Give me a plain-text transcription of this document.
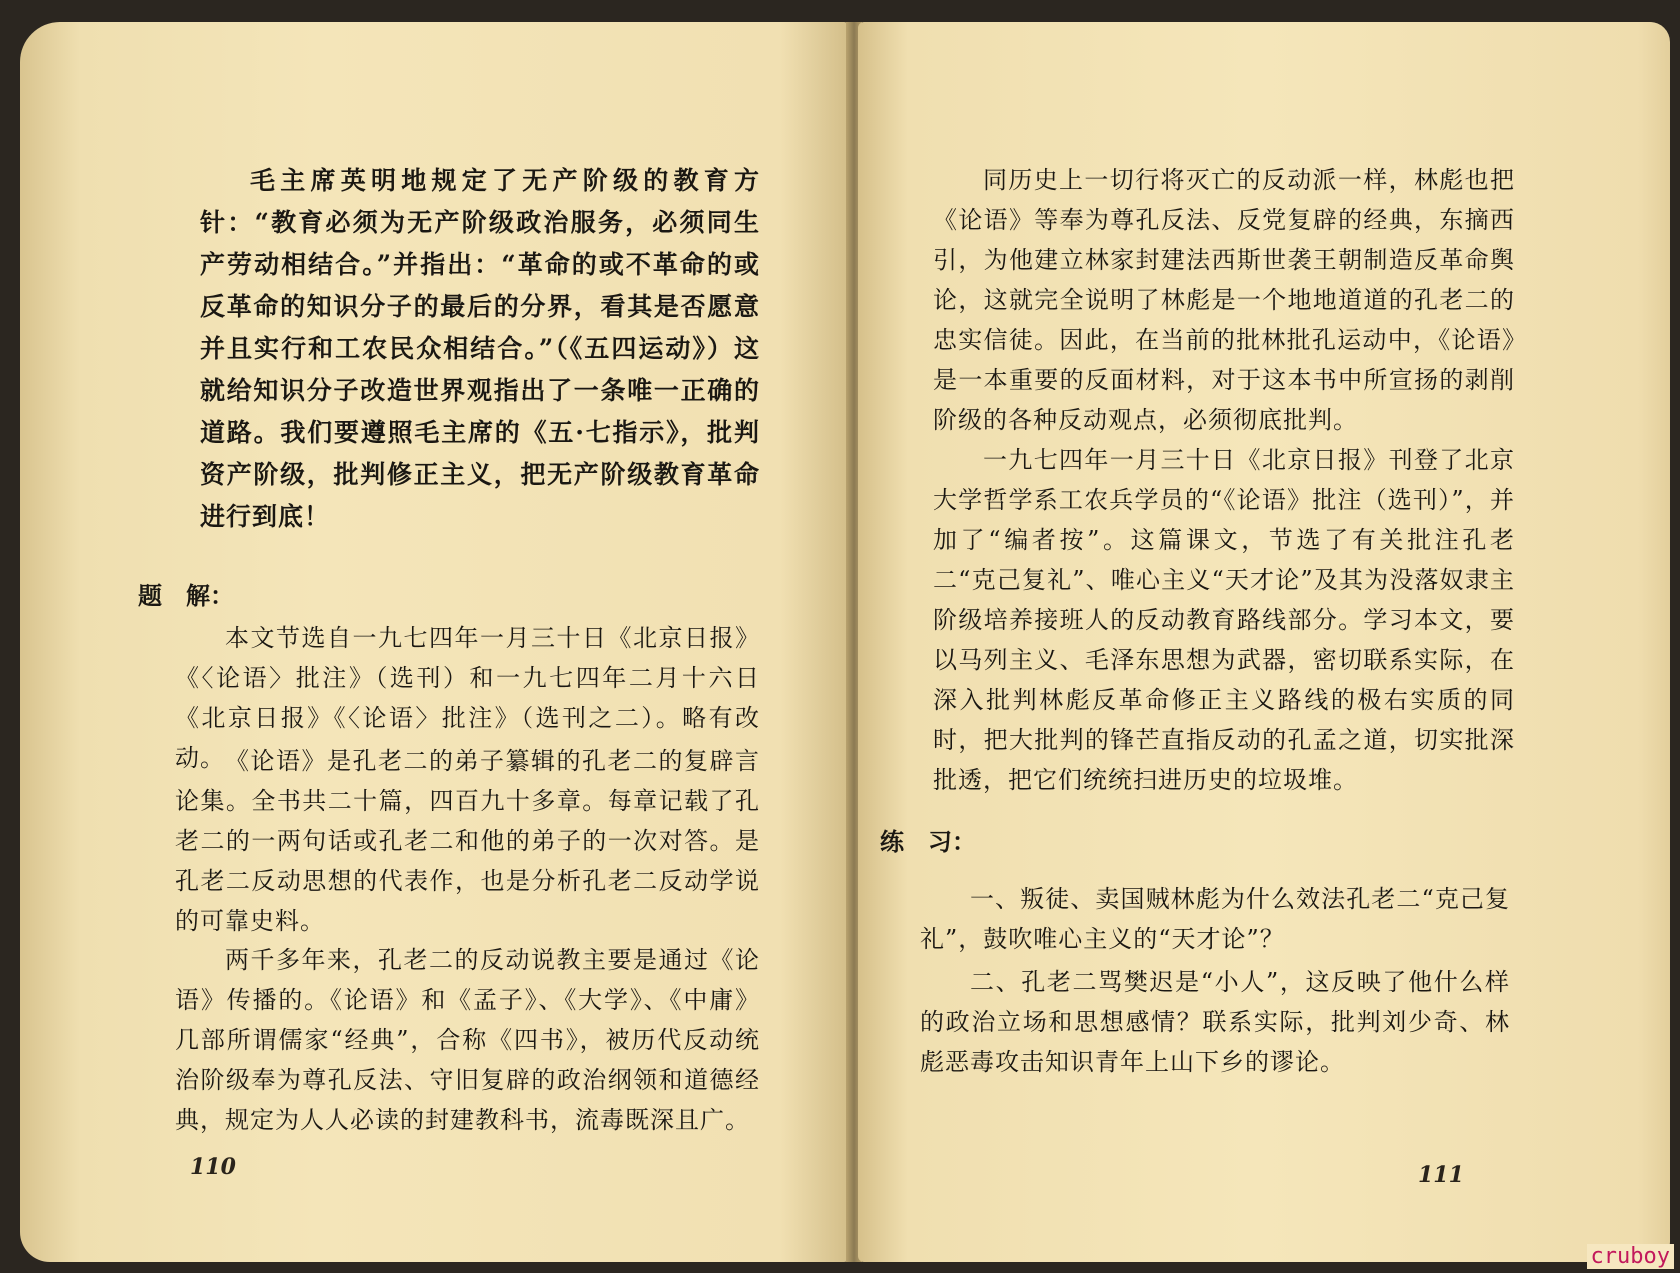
毛主席英明地规定了无产阶级的教育方针：“教育必须为无产阶级政治服务，必须同生产劳动相结合。”并指出：“革命的或不革命的或反革命的知识分子的最后的分界，看其是否愿意并且实行和工农民众相结合。”（《五四运动》）这就给知识分子改造世界观指出了一条唯一正确的道路。我们要遵照毛主席的《五·七指示》，批判资产阶级，批判修正主义，把无产阶级教育革命进行到底！

题　解：

本文节选自一九七四年一月三十日《北京日报》《〈论语〉批注》（选刊）和一九七四年二月十六日《北京日报》《〈论语〉批注》（选刊之二）。略有改动。 《论语》是孔老二的弟子纂辑的孔老二的复辟言论集。全书共二十篇，四百九十多章。每章记载了孔老二的一两句话或孔老二和他的弟子的一次对答。是孔老二反动思想的代表作，也是分析孔老二反动学说的可靠史料。

两千多年来，孔老二的反动说教主要是通过《论语》传播的。《论语》和《孟子》、《大学》、《中庸》几部所谓儒家“经典”，合称《四书》，被历代反动统治阶级奉为尊孔反法、守旧复辟的政治纲领和道德经典，规定为人人必读的封建教科书，流毒既深且广。

110

同历史上一切行将灭亡的反动派一样，林彪也把《论语》等奉为尊孔反法、反党复辟的经典，东摘西引，为他建立林家封建法西斯世袭王朝制造反革命舆论，这就完全说明了林彪是一个地地道道的孔老二的忠实信徒。因此，在当前的批林批孔运动中，《论语》是一本重要的反面材料，对于这本书中所宣扬的剥削阶级的各种反动观点，必须彻底批判。

一九七四年一月三十日《北京日报》刊登了北京大学哲学系工农兵学员的“《论语》批注（选刊）”，并加了“编者按”。这篇课文，节选了有关批注孔老二“克己复礼”、唯心主义“天才论”及其为没落奴隶主阶级培养接班人的反动教育路线部分。学习本文，要以马列主义、毛泽东思想为武器，密切联系实际，在深入批判林彪反革命修正主义路线的极右实质的同时，把大批判的锋芒直指反动的孔孟之道，切实批深批透，把它们统统扫进历史的垃圾堆。

练　习：

一、叛徒、卖国贼林彪为什么效法孔老二“克己复礼”，鼓吹唯心主义的“天才论”？

二、孔老二骂樊迟是“小人”，这反映了他什么样的政治立场和思想感情？联系实际，批判刘少奇、林彪恶毒攻击知识青年上山下乡的谬论。

111

cruboy
